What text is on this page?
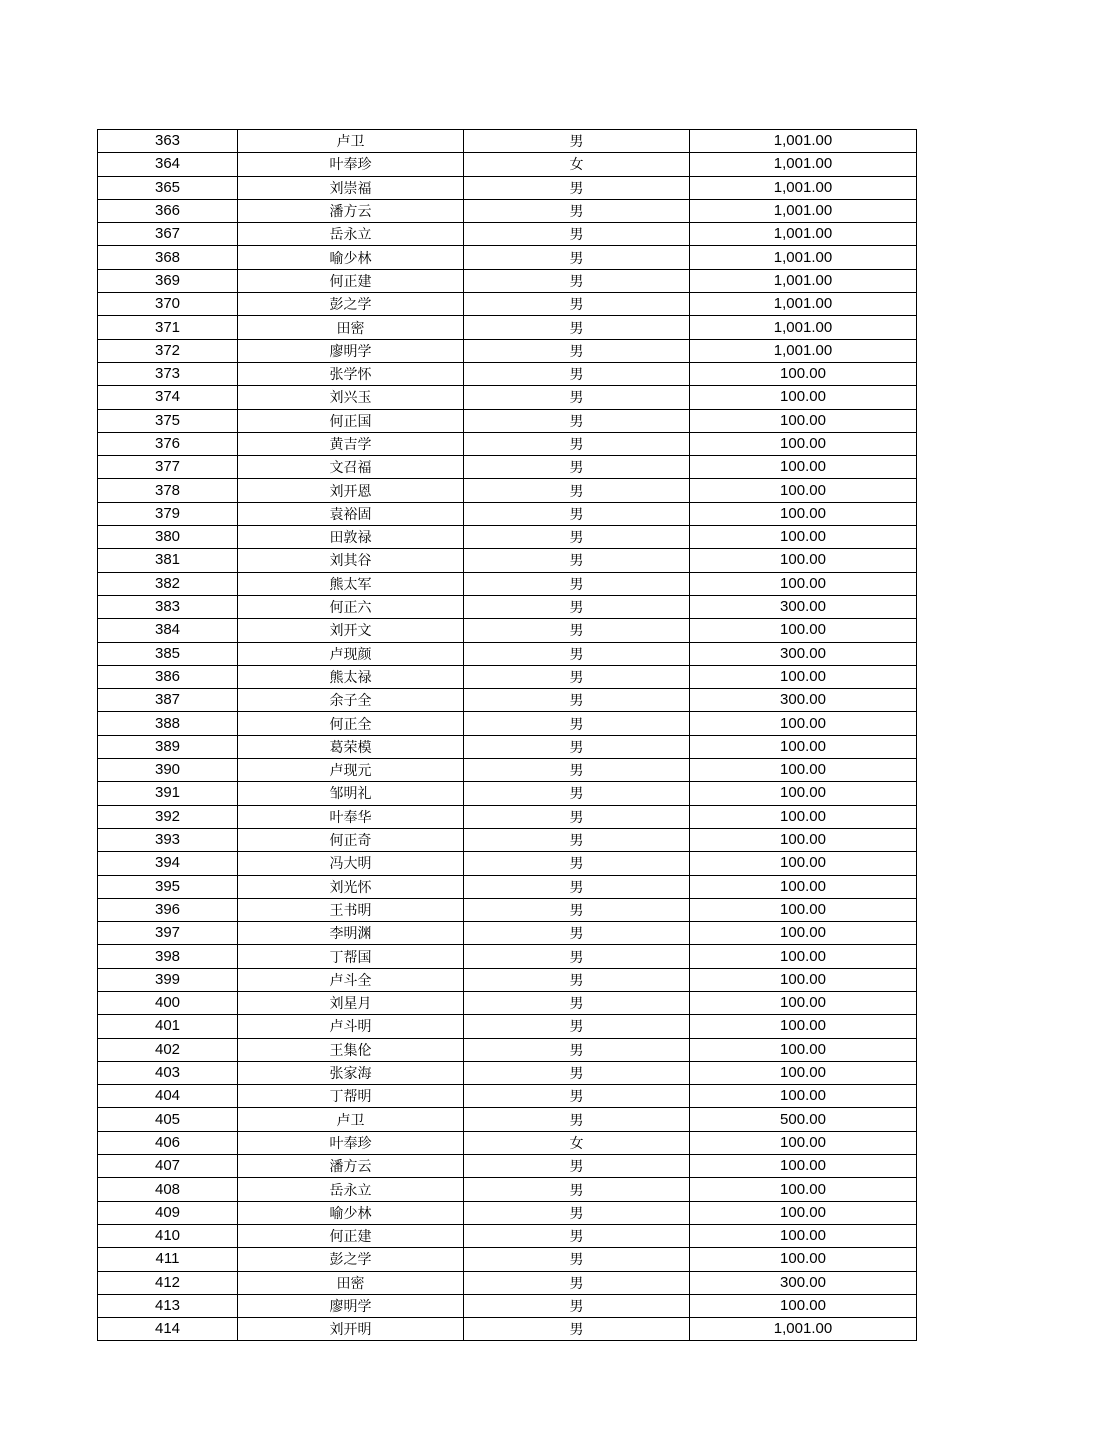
363	卢卫	男	1,001.00
364	叶奉珍	女	1,001.00
365	刘崇福	男	1,001.00
366	潘方云	男	1,001.00
367	岳永立	男	1,001.00
368	喻少林	男	1,001.00
369	何正建	男	1,001.00
370	彭之学	男	1,001.00
371	田密	男	1,001.00
372	廖明学	男	1,001.00
373	张学怀	男	100.00
374	刘兴玉	男	100.00
375	何正国	男	100.00
376	黄吉学	男	100.00
377	文召福	男	100.00
378	刘开恩	男	100.00
379	袁裕固	男	100.00
380	田敦禄	男	100.00
381	刘其谷	男	100.00
382	熊太军	男	100.00
383	何正六	男	300.00
384	刘开文	男	100.00
385	卢现颜	男	300.00
386	熊太禄	男	100.00
387	余子全	男	300.00
388	何正全	男	100.00
389	葛荣模	男	100.00
390	卢现元	男	100.00
391	邹明礼	男	100.00
392	叶奉华	男	100.00
393	何正奇	男	100.00
394	冯大明	男	100.00
395	刘光怀	男	100.00
396	王书明	男	100.00
397	李明渊	男	100.00
398	丁帮国	男	100.00
399	卢斗全	男	100.00
400	刘星月	男	100.00
401	卢斗明	男	100.00
402	王集伦	男	100.00
403	张家海	男	100.00
404	丁帮明	男	100.00
405	卢卫	男	500.00
406	叶奉珍	女	100.00
407	潘方云	男	100.00
408	岳永立	男	100.00
409	喻少林	男	100.00
410	何正建	男	100.00
411	彭之学	男	100.00
412	田密	男	300.00
413	廖明学	男	100.00
414	刘开明	男	1,001.00
